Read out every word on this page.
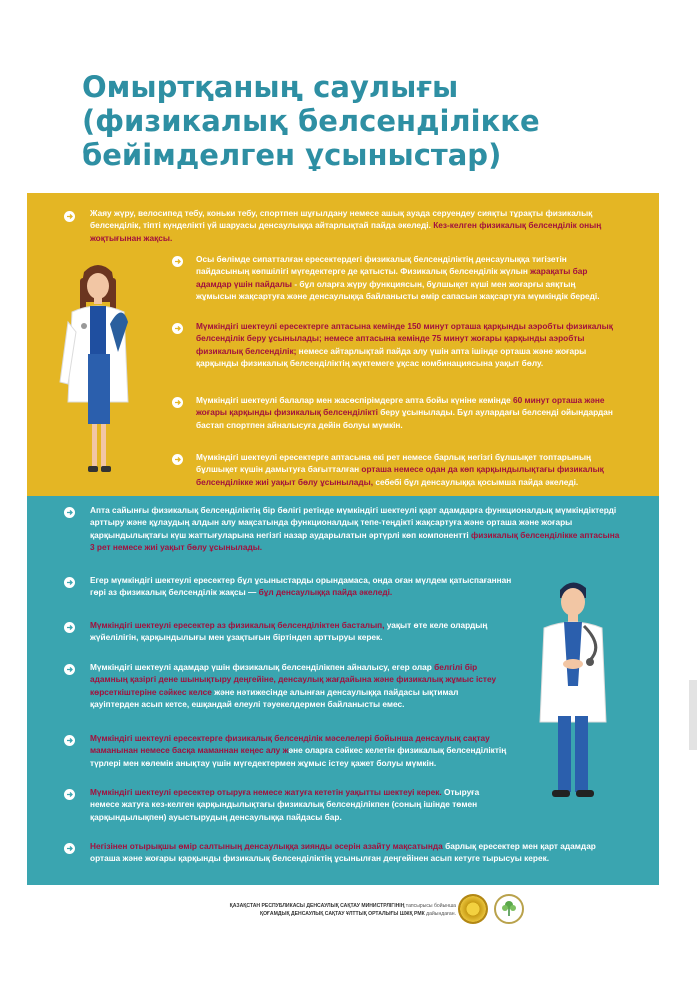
Омыртқаның саулығы
(физикалық белсенділікке
бейімделген ұсыныстар)
Жаяу жүру, велосипед тебу, коньки тебу, спортпен шұғылдану немесе ашық ауада серуендеу сияқты тұрақты физикалық белсенділік, тіпті күнделікті үй шаруасы денсаулыққа айтарлықтай пайда әкеледі. Кез-келген физикалық белсенділік оның жоқтығынан жақсы.
Осы бөлімде сипатталған ересектердегі физикалық белсенділіктің денсаулыққа тигізетін пайдасының көпшілігі мүгедектерге де қатысты. Физикалық белсенділік жүлын жарақаты бар адамдар үшін пайдалы - бұл оларға жүру функциясын, бұлшықет күші мен жоғарғы аяқтың жұмысын жақсартуға және денсаулыққа байланысты өмір сапасын жақсартуға мүмкіндік береді.
Мүмкіндігі шектеулі ересектерге аптасына кемінде 150 минут орташа қарқынды аэробты физикалық белсенділік беру ұсынылады; немесе аптасына кемінде 75 минут жоғары қарқынды аэробты физикалық белсенділік; немесе айтарлықтай пайда алу үшін апта ішінде орташа және жоғары қарқынды физикалық белсенділіктің жүктемеге ұқсас комбинациясына уақыт бөлу.
Мүмкіндігі шектеулі балалар мен жасөспірімдерге апта бойы күніне кемінде 60 минут орташа және жоғары қарқынды физикалық белсенділікті беру ұсынылады. Бұл аулардағы белсенді ойындардан бастап спортпен айналысуға дейін болуы мүмкін.
Мүмкіндігі шектеулі ересектерге аптасына екі рет немесе барлық негізгі бұлшықет топтарының бұлшықет күшін дамытуға бағытталған орташа немесе одан да көп қарқындылықтағы физикалық белсенділікке жиі уақыт бөлу ұсынылады, себебі бұл денсаулыққа қосымша пайда әкеледі.
Апта сайынғы физикалық белсенділіктің бір бөлігі ретінде мүмкіндігі шектеулі қарт адамдарға функционалдық мүмкіндіктерді арттыру және құлаудың алдын алу мақсатында функционалдық тепе-теңдікті жақсартуға және орташа және жоғары қарқындылықтағы күш жаттығуларына негізгі назар аударылатын әртүрлі көп компонентті физикалық белсенділікке аптасына 3 рет немесе жиі уақыт бөлу ұсынылады.
Егер мүмкіндігі шектеулі ересектер бұл ұсыныстарды орындамаса, онда оған мүлдем қатыспағаннан гөрі аз физикалық белсенділік жақсы — бұл денсаулыққа пайда әкеледі.
Мүмкіндігі шектеулі ересектер аз физикалық белсенділіктен басталып, уақыт өте келе олардың жүйелілігін, қарқындылығы мен ұзақтығын біртіндеп арттыруы керек.
Мүмкіндігі шектеулі адамдар үшін физикалық белсенділікпен айналысу, егер олар белгілі бір адамның қазіргі дене шынықтыру деңгейіне, денсаулық жағдайына және физикалық жұмыс істеу көрсеткіштеріне сәйкес келсе және нәтижесінде алынған денсаулыққа пайдасы ықтимал қауіптерден асып кетсе, ешқандай елеулі тәуекелдермен байланысты емес.
Мүмкіндігі шектеулі ересектерге физикалық белсенділік мәселелері бойынша денсаулық сақтау маманынан немесе басқа маманнан кеңес алу және оларға сәйкес келетін физикалық белсенділіктің түрлері мен көлемін анықтау үшін мүгедектермен жұмыс істеу қажет болуы мүмкін.
Мүмкіндігі шектеулі ересектер отыруға немесе жатуға кететін уақытты шектеуі керек. Отыруға немесе жатуға кез-келген қарқындылықтағы физикалық белсенділікпен (соның ішінде төмен қарқындылықпен) ауыстырудың денсаулыққа пайдасы бар.
Негізінен отырықшы өмір салтының денсаулыққа зиянды әсерін азайту мақсатында барлық ересектер мен қарт адамдар орташа және жоғары қарқынды физикалық белсенділіктің ұсынылған деңгейінен асып кетуге тырысуы керек.
ҚАЗАҚСТАН РЕСПУБЛИКАСЫ ДЕНСАУЛЫҚ САҚТАУ МИНИСТРЛІГІНІҢ тапсырысы бойынша
ҚОҒАМДЫҚ ДЕНСАУЛЫҚ САҚТАУ ҰЛТТЫҚ ОРТАЛЫҒЫ ШЖҚ РМК дайындаған.
